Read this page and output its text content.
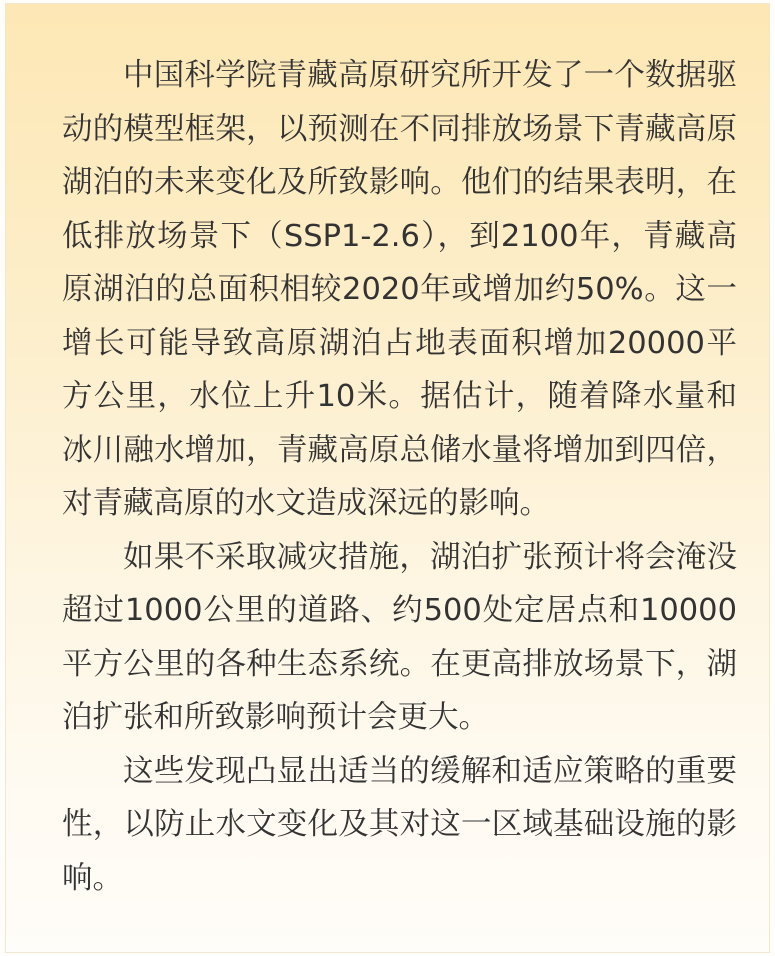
中国科学院青藏高原研究所开发了一个数据驱动的模型框架，以预测在不同排放场景下青藏高原湖泊的未来变化及所致影响。他们的结果表明，在低排放场景下（SSP1-2.6），到2100年，青藏高原湖泊的总面积相较2020年或增加约50%。这一增长可能导致高原湖泊占地表面积增加20000平方公里，水位上升10米。据估计，随着降水量和冰川融水增加，青藏高原总储水量将增加到四倍，对青藏高原的水文造成深远的影响。

如果不采取减灾措施，湖泊扩张预计将会淹没超过1000公里的道路、约500处定居点和10000平方公里的各种生态系统。在更高排放场景下，湖泊扩张和所致影响预计会更大。

这些发现凸显出适当的缓解和适应策略的重要性，以防止水文变化及其对这一区域基础设施的影响。
